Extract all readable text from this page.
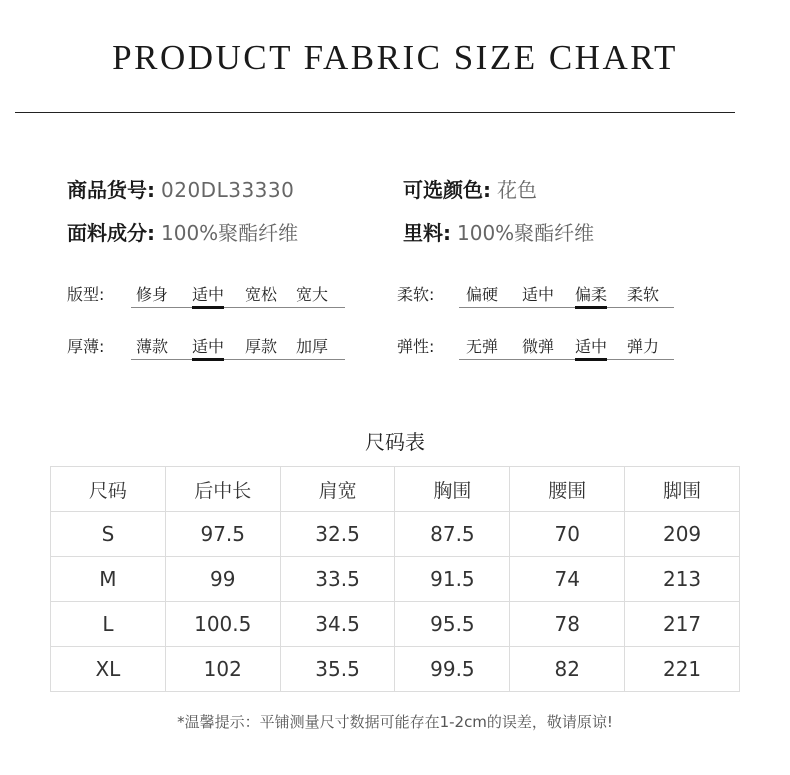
PRODUCT FABRIC SIZE CHART
商品货号: 020DL33330	可选颜色: 花色
面料成分: 100%聚酯纤维	里料: 100%聚酯纤维
版型: 修身 适中 宽松 宽大	柔软: 偏硬 适中 偏柔 柔软
厚薄: 薄款 适中 厚款 加厚	弹性: 无弹 微弹 适中 弹力
尺码表
尺码	后中长	肩宽	胸围	腰围	脚围
S	97.5	32.5	87.5	70	209
M	99	33.5	91.5	74	213
L	100.5	34.5	95.5	78	217
XL	102	35.5	99.5	82	221
*温馨提示：平铺测量尺寸数据可能存在1-2cm的误差，敬请原谅!
